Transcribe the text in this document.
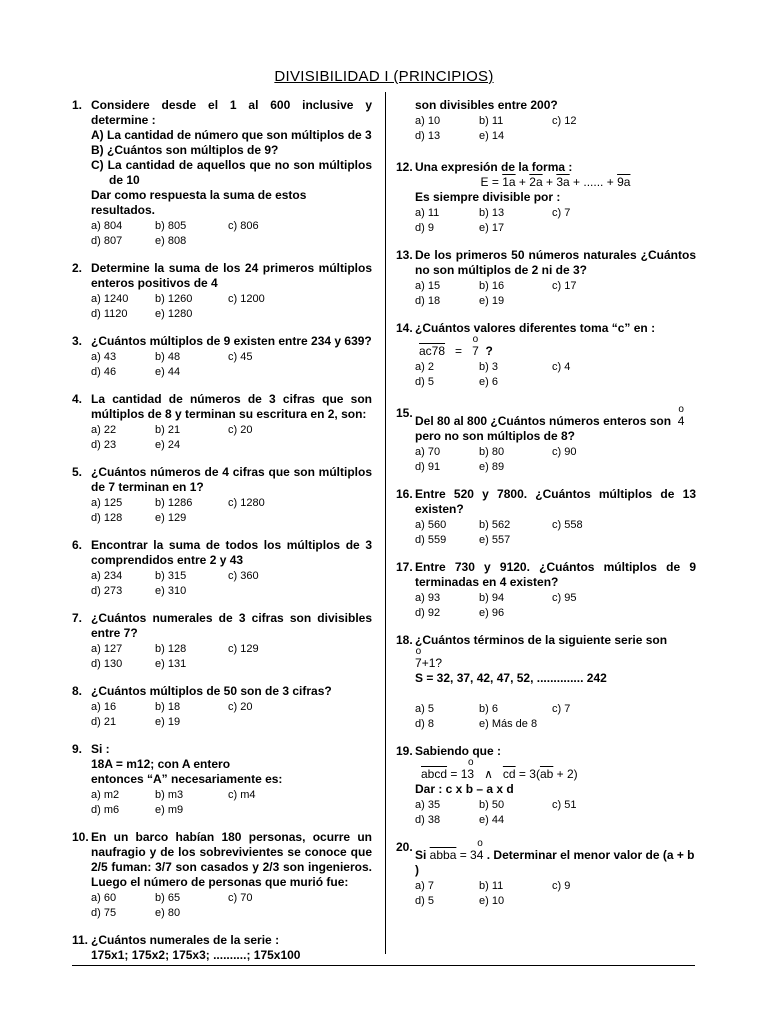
DIVISIBILIDAD I (PRINCIPIOS)
1. Considere desde el 1 al 600 inclusive y determine :
A) La cantidad de número que son múltiplos de 3
B) ¿Cuántos son múltiplos de 9?
C) La cantidad de aquellos que no son múltiplos de 10
Dar como respuesta la suma de estos resultados.
a) 804	b) 805	c) 806
d) 807	e) 808
2. Determine la suma de los 24 primeros múltiplos enteros positivos de 4
a) 1240	b) 1260	c) 1200
d) 1120	e) 1280
3. ¿Cuántos múltiplos de 9 existen entre 234 y 639?
a) 43	b) 48	c) 45
d) 46	e) 44
4. La cantidad de números de 3 cifras que son múltiplos de 8 y terminan su escritura en 2, son:
a) 22	b) 21	c) 20
d) 23	e) 24
5. ¿Cuántos números de 4 cifras que son múltiplos de 7 terminan en 1?
a) 125	b) 1286	c) 1280
d) 128	e) 129
6. Encontrar la suma de todos los múltiplos de 3 comprendidos entre 2 y 43
a) 234	b) 315	c) 360
d) 273	e) 310
7. ¿Cuántos numerales de 3 cifras son divisibles entre 7?
a) 127	b) 128	c) 129
d) 130	e) 131
8. ¿Cuántos múltiplos de 50 son de 3 cifras?
a) 16	b) 18	c) 20
d) 21	e) 19
9. Si :
18A = m12; con A entero
entonces “A” necesariamente es:
a) m2	b) m3	c) m4
d) m6	e) m9
10. En un barco habían 180 personas, ocurre un naufragio y de los sobrevivientes se conoce que 2/5 fuman: 3/7 son casados y 2/3 son ingenieros. Luego el número de personas que murió fue:
a) 60	b) 65	c) 70
d) 75	e) 80
11. ¿Cuántos numerales de la serie :
175x1; 175x2; 175x3; ..........; 175x100
son divisibles entre 200?
a) 10	b) 11	c) 12
d) 13	e) 14
12. Una expresión de la forma :
E = 1a + 2a + 3a + ...... + 9a
Es siempre divisible por :
a) 11	b) 13	c) 7
d) 9	e) 17
13. De los primeros 50 números naturales ¿Cuántos no son múltiplos de 2 ni de 3?
a) 15	b) 16	c) 17
d) 18	e) 19
14. ¿Cuántos valores diferentes toma “c” en :
ac78 = o 7 ?
a) 2	b) 3	c) 4
d) 5	e) 6
15.
Del 80 al 800 ¿Cuántos números enteros son o 4
pero no son múltiplos de 8?
a) 70	b) 80	c) 90
d) 91	e) 89
16. Entre 520 y 7800. ¿Cuántos múltiplos de 13 existen?
a) 560	b) 562	c) 558
d) 559	e) 557
17. Entre 730 y 9120. ¿Cuántos múltiplos de 9 terminadas en 4 existen?
a) 93	b) 94	c) 95
d) 92	e) 96
18. ¿Cuántos términos de la siguiente serie son
o 7+1?
S = 32, 37, 42, 47, 52, .............. 242
a) 5	b) 6	c) 7
d) 8	e) Más de 8
19. Sabiendo que :
abcd = 1o 3 ∧ $\overline{cd} = 3(\overline{ab} + 2)$
Dar : c x b – a x d
a) 35	b) 50	c) 51
d) 38	e) 44
20.
Si abba = 3o 4 . Determinar el menor valor de (a + b )
a) 7	b) 11	c) 9
d) 5	e) 10
